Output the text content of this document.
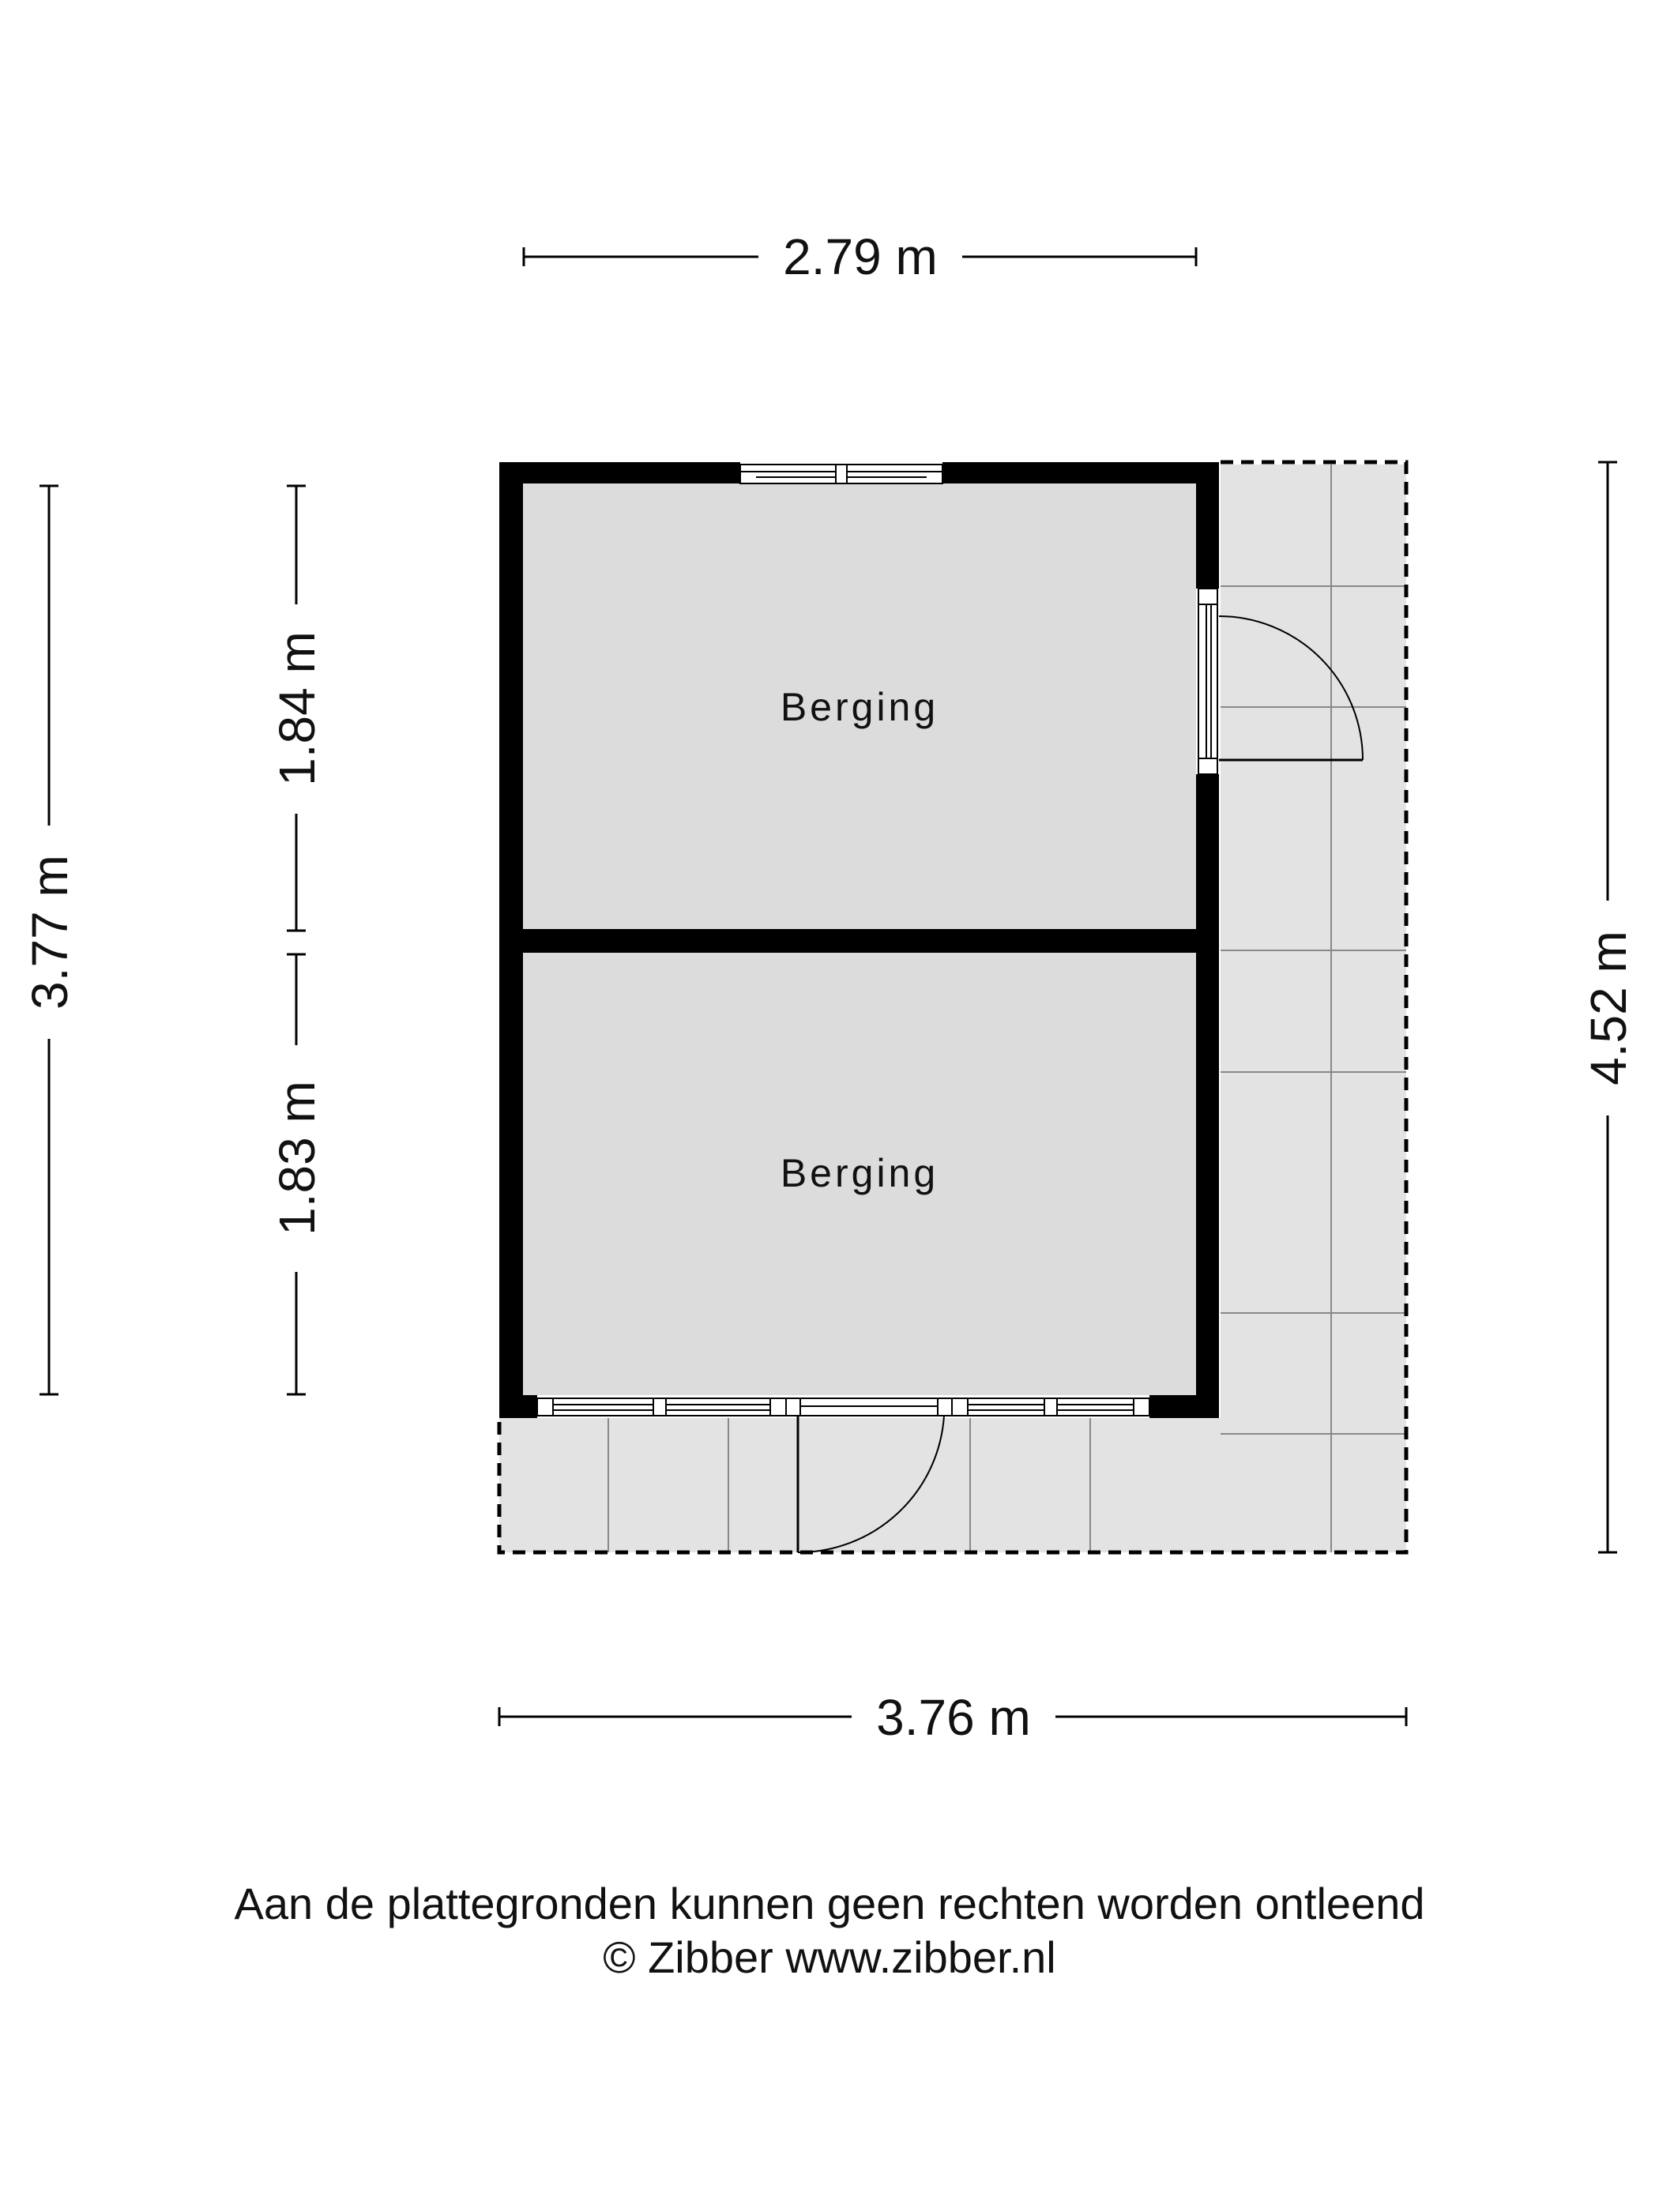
Berging
Berging
2.79 m
3.76 m
3.77 m
1.84 m
1.83 m
4.52 m
Aan de plattegronden kunnen geen rechten worden ontleend
© Zibber www.zibber.nl
